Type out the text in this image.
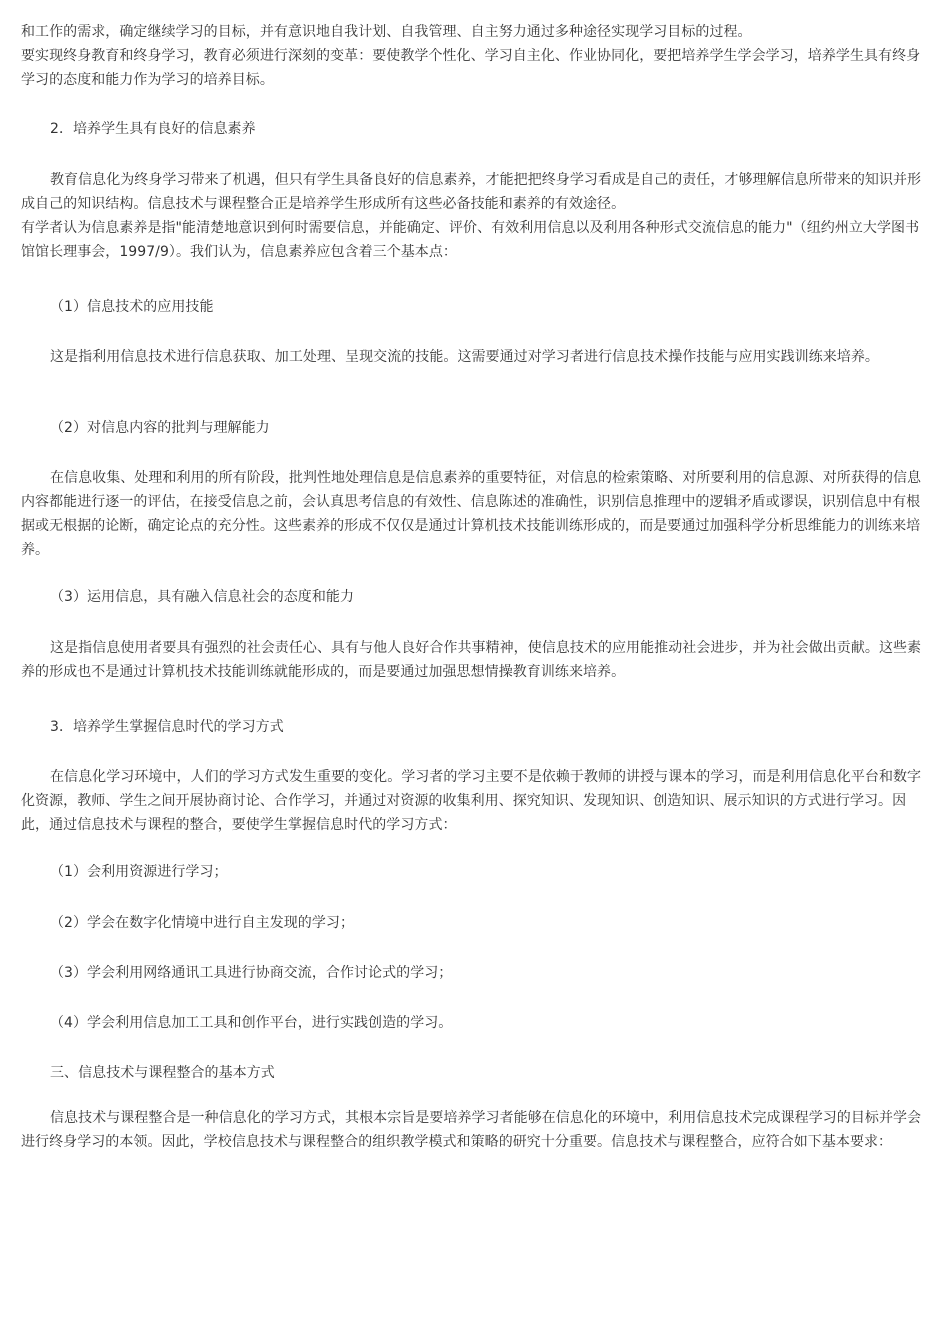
和工作的需求，确定继续学习的目标，并有意识地自我计划、自我管理、自主努力通过多种途径实现学习目标的过程。

要实现终身教育和终身学习，教育必须进行深刻的变革：要使教学个性化、学习自主化、作业协同化，要把培养学生学会学习，培养学生具有终身学习的态度和能力作为学习的培养目标。

2．培养学生具有良好的信息素养

教育信息化为终身学习带来了机遇，但只有学生具备良好的信息素养，才能把把终身学习看成是自己的责任，才够理解信息所带来的知识并形成自己的知识结构。信息技术与课程整合正是培养学生形成所有这些必备技能和素养的有效途径。

有学者认为信息素养是指"能清楚地意识到何时需要信息，并能确定、评价、有效利用信息以及利用各种形式交流信息的能力"（纽约州立大学图书馆馆长理事会，1997/9）。我们认为，信息素养应包含着三个基本点：

（1）信息技术的应用技能

这是指利用信息技术进行信息获取、加工处理、呈现交流的技能。这需要通过对学习者进行信息技术操作技能与应用实践训练来培养。

（2）对信息内容的批判与理解能力

在信息收集、处理和利用的所有阶段，批判性地处理信息是信息素养的重要特征，对信息的检索策略、对所要利用的信息源、对所获得的信息内容都能进行逐一的评估，在接受信息之前，会认真思考信息的有效性、信息陈述的准确性，识别信息推理中的逻辑矛盾或谬误，识别信息中有根据或无根据的论断，确定论点的充分性。这些素养的形成不仅仅是通过计算机技术技能训练形成的，而是要通过加强科学分析思维能力的训练来培养。

（3）运用信息，具有融入信息社会的态度和能力

这是指信息使用者要具有强烈的社会责任心、具有与他人良好合作共事精神，使信息技术的应用能推动社会进步，并为社会做出贡献。这些素养的形成也不是通过计算机技术技能训练就能形成的，而是要通过加强思想情操教育训练来培养。

3．培养学生掌握信息时代的学习方式

在信息化学习环境中，人们的学习方式发生重要的变化。学习者的学习主要不是依赖于教师的讲授与课本的学习，而是利用信息化平台和数字化资源，教师、学生之间开展协商讨论、合作学习，并通过对资源的收集利用、探究知识、发现知识、创造知识、展示知识的方式进行学习。因此，通过信息技术与课程的整合，要使学生掌握信息时代的学习方式：

（1）会利用资源进行学习；

（2）学会在数字化情境中进行自主发现的学习；

（3）学会利用网络通讯工具进行协商交流，合作讨论式的学习；

（4）学会利用信息加工工具和创作平台，进行实践创造的学习。

三、信息技术与课程整合的基本方式

信息技术与课程整合是一种信息化的学习方式，其根本宗旨是要培养学习者能够在信息化的环境中，利用信息技术完成课程学习的目标并学会进行终身学习的本领。因此，学校信息技术与课程整合的组织教学模式和策略的研究十分重要。信息技术与课程整合，应符合如下基本要求：
